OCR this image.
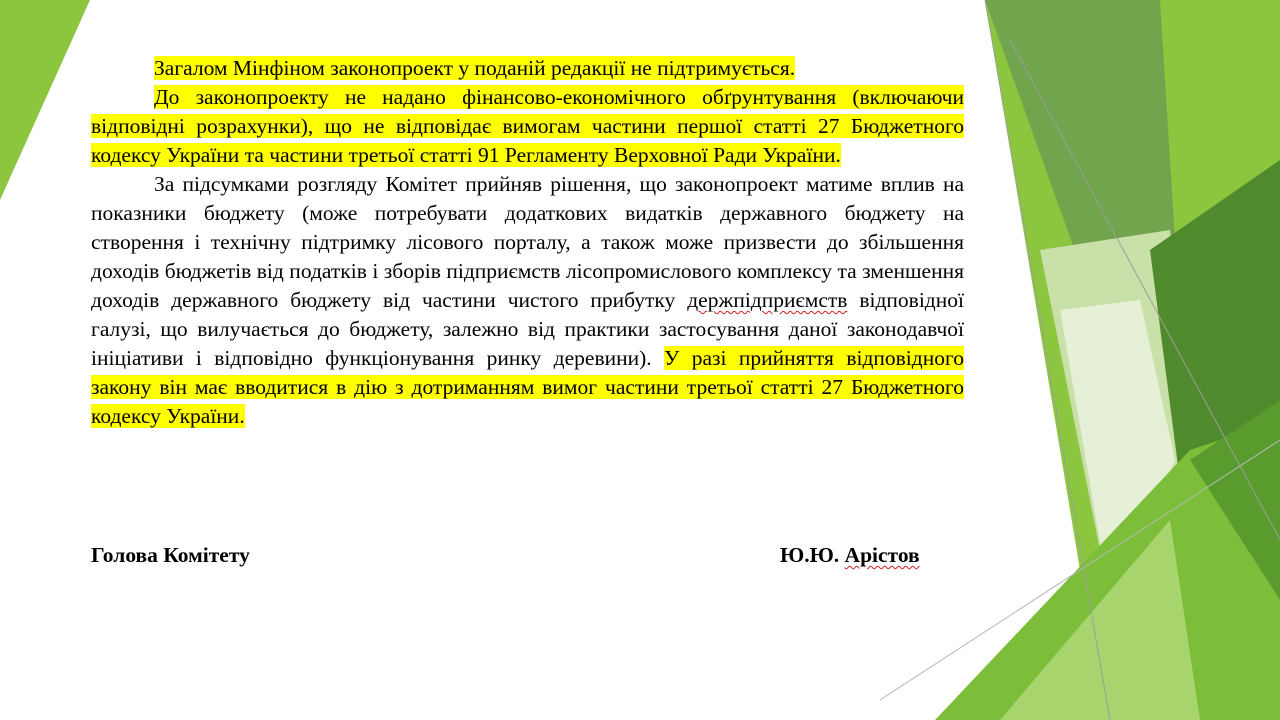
Загалом Мінфіном законопроект у поданій редакції не підтримується.

До законопроекту не надано фінансово-економічного обґрунтування (включаючи відповідні розрахунки), що не відповідає вимогам частини першої статті 27 Бюджетного кодексу України та частини третьої статті 91 Регламенту Верховної Ради України.

За підсумками розгляду Комітет прийняв рішення, що законопроект матиме вплив на показники бюджету (може потребувати додаткових видатків державного бюджету на створення і технічну підтримку лісового порталу, а також може призвести до збільшення доходів бюджетів від податків і зборів підприємств лісопромислового комплексу та зменшення доходів державного бюджету від частини чистого прибутку держпідприємств відповідної галузі, що вилучається до бюджету, залежно від практики застосування даної законодавчої ініціативи і відповідно функціонування ринку деревини). У разі прийняття відповідного закону він має вводитися в дію з дотриманням вимог частини третьої статті 27 Бюджетного кодексу України.

Голова Комітету	Ю.Ю. Арістов
